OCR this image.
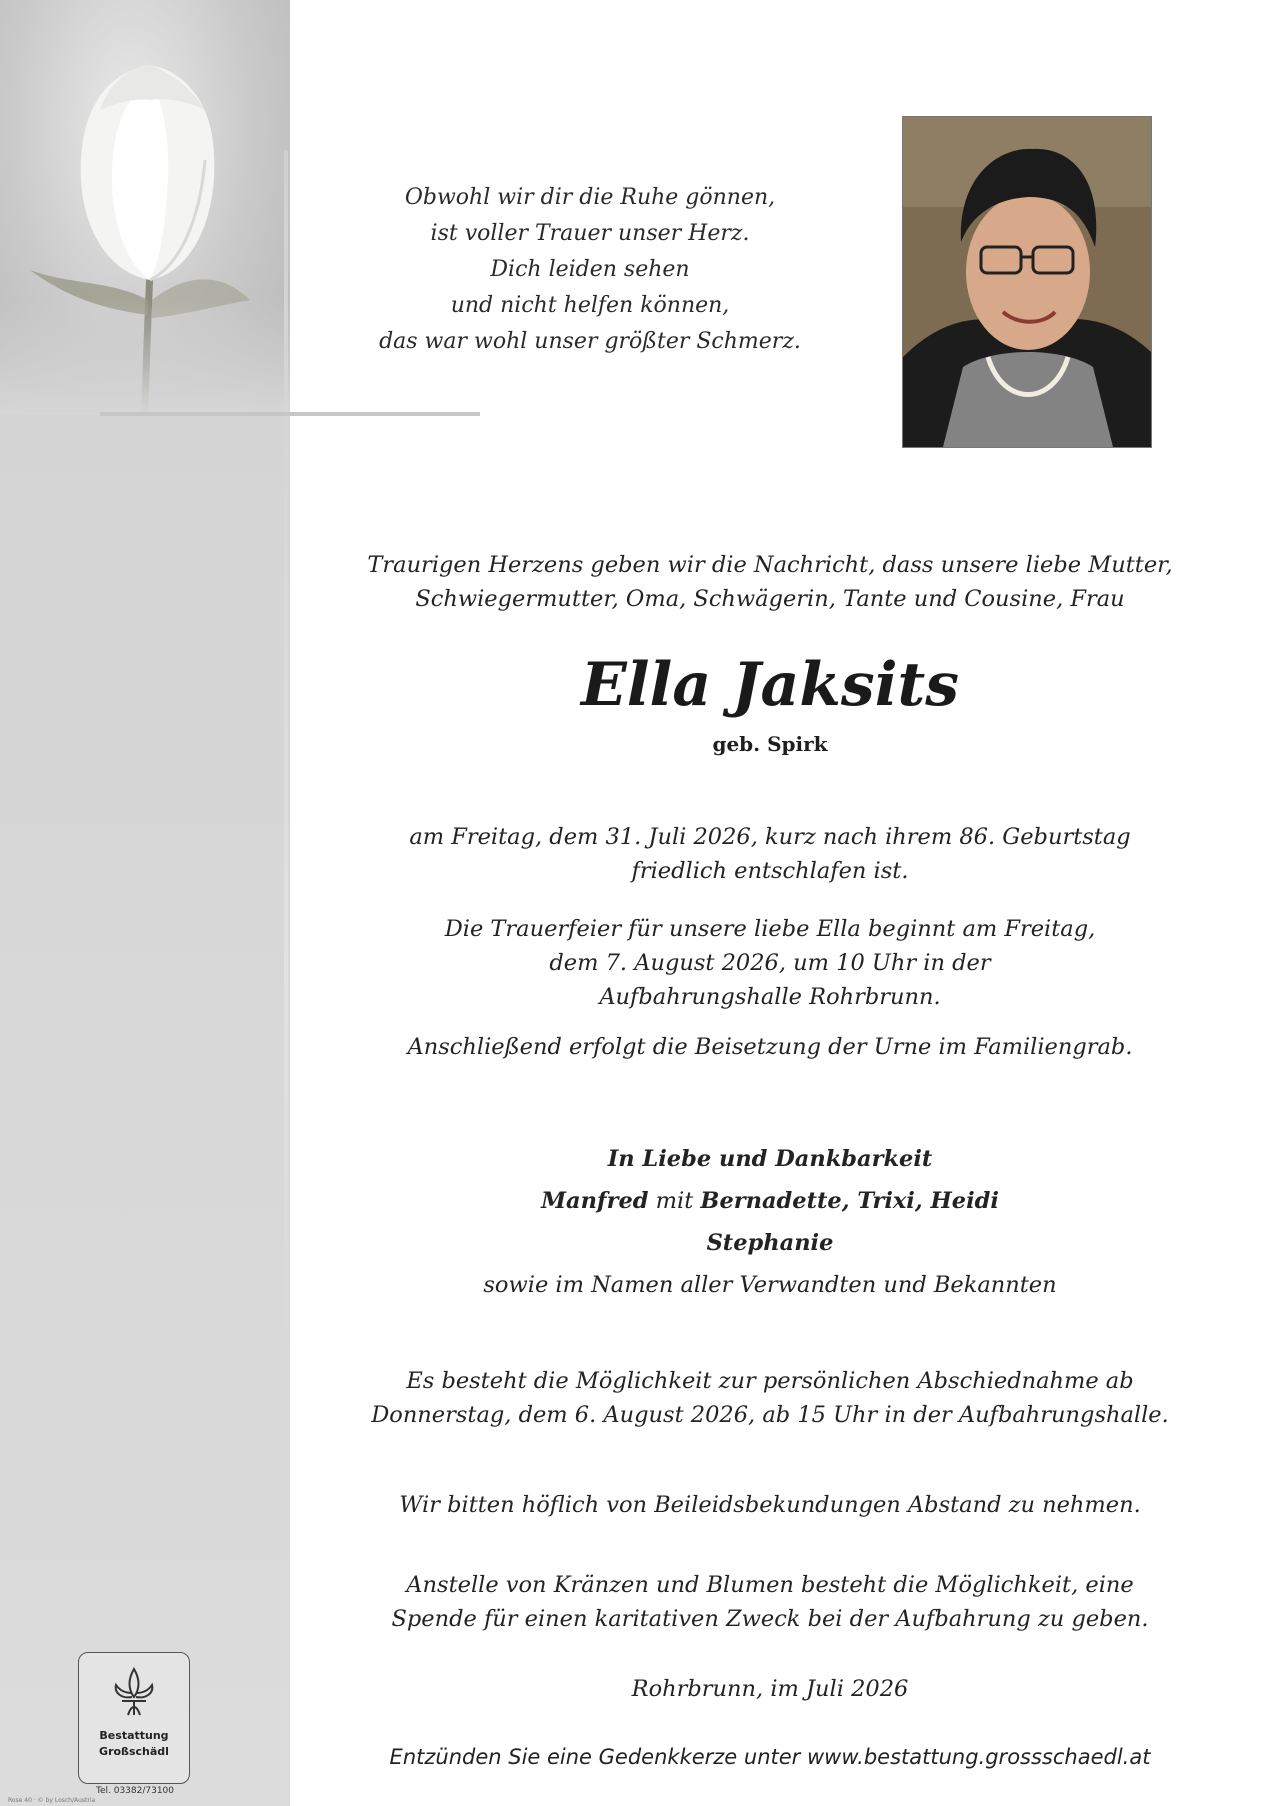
Obwohl wir dir die Ruhe gönnen,
ist voller Trauer unser Herz.
Dich leiden sehen
und nicht helfen können,
das war wohl unser größter Schmerz.
Traurigen Herzens geben wir die Nachricht, dass unsere liebe Mutter,
Schwiegermutter, Oma, Schwägerin, Tante und Cousine, Frau
Ella Jaksits
geb. Spirk
am Freitag, dem 31. Juli 2026, kurz nach ihrem 86. Geburtstag
friedlich entschlafen ist.
Die Trauerfeier für unsere liebe Ella beginnt am Freitag,
dem 7. August 2026, um 10 Uhr in der
Aufbahrungshalle Rohrbrunn.
Anschließend erfolgt die Beisetzung der Urne im Familiengrab.
In Liebe und Dankbarkeit
Manfred mit Bernadette, Trixi, Heidi
Stephanie
sowie im Namen aller Verwandten und Bekannten
Es besteht die Möglichkeit zur persönlichen Abschiednahme ab
Donnerstag, dem 6. August 2026, ab 15 Uhr in der Aufbahrungshalle.
Wir bitten höflich von Beileidsbekundungen Abstand zu nehmen.
Anstelle von Kränzen und Blumen besteht die Möglichkeit, eine
Spende für einen karitativen Zweck bei der Aufbahrung zu geben.
Rohrbrunn, im Juli 2026
Entzünden Sie eine Gedenkkerze unter www.bestattung.grossschaedl.at
Bestattung
Großschädl
Tel. 03382/73100
Rose 40 · © by Losch/Austria
